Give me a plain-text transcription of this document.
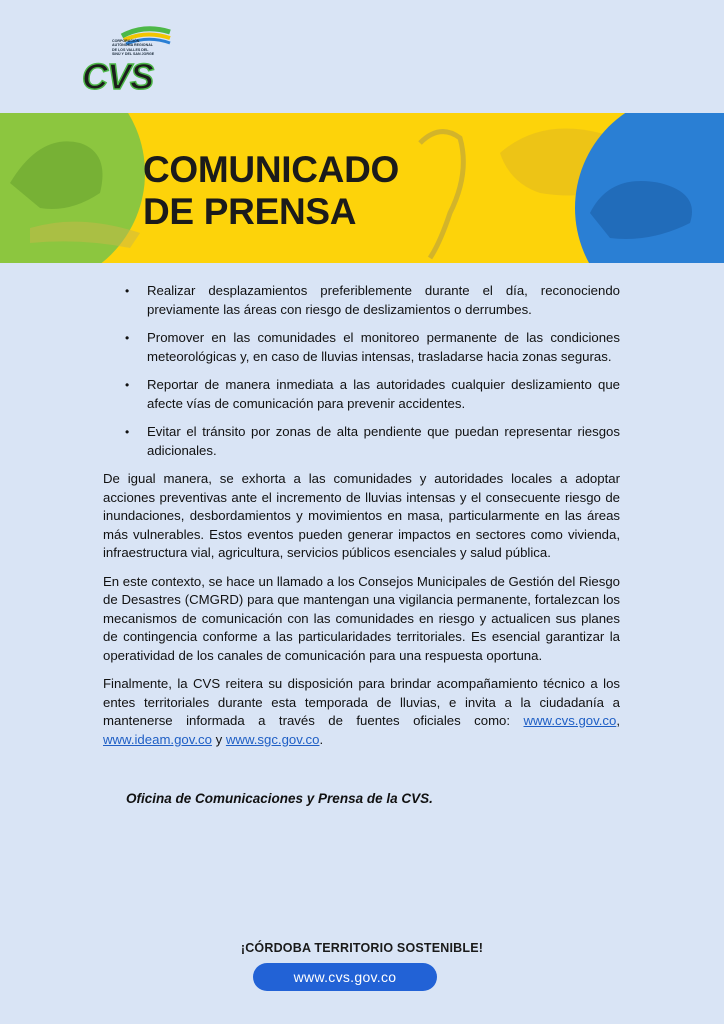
CORPORACIÓN
AUTÓNOMA REGIONAL
DE LOS VALLES DEL
SINÚ Y DEL SAN JORGE
CVS
COMUNICADO
DE PRENSA
• Realizar desplazamientos preferiblemente durante el día, reconociendo previamente las áreas con riesgo de deslizamientos o derrumbes.
• Promover en las comunidades el monitoreo permanente de las condiciones meteorológicas y, en caso de lluvias intensas, trasladarse hacia zonas seguras.
• Reportar de manera inmediata a las autoridades cualquier deslizamiento que afecte vías de comunicación para prevenir accidentes.
• Evitar el tránsito por zonas de alta pendiente que puedan representar riesgos adicionales.

De igual manera, se exhorta a las comunidades y autoridades locales a adoptar acciones preventivas ante el incremento de lluvias intensas y el consecuente riesgo de inundaciones, desbordamientos y movimientos en masa, particularmente en las áreas más vulnerables. Estos eventos pueden generar impactos en sectores como vivienda, infraestructura vial, agricultura, servicios públicos esenciales y salud pública.

En este contexto, se hace un llamado a los Consejos Municipales de Gestión del Riesgo de Desastres (CMGRD) para que mantengan una vigilancia permanente, fortalezcan los mecanismos de comunicación con las comunidades en riesgo y actualicen sus planes de contingencia conforme a las particularidades territoriales. Es esencial garantizar la operatividad de los canales de comunicación para una respuesta oportuna.

Finalmente, la CVS reitera su disposición para brindar acompañamiento técnico a los entes territoriales durante esta temporada de lluvias, e invita a la ciudadanía a mantenerse informada a través de fuentes oficiales como: www.cvs.gov.co, www.ideam.gov.co y www.sgc.gov.co.

Oficina de Comunicaciones y Prensa de la CVS.
¡CÓRDOBA TERRITORIO SOSTENIBLE!
www.cvs.gov.co
